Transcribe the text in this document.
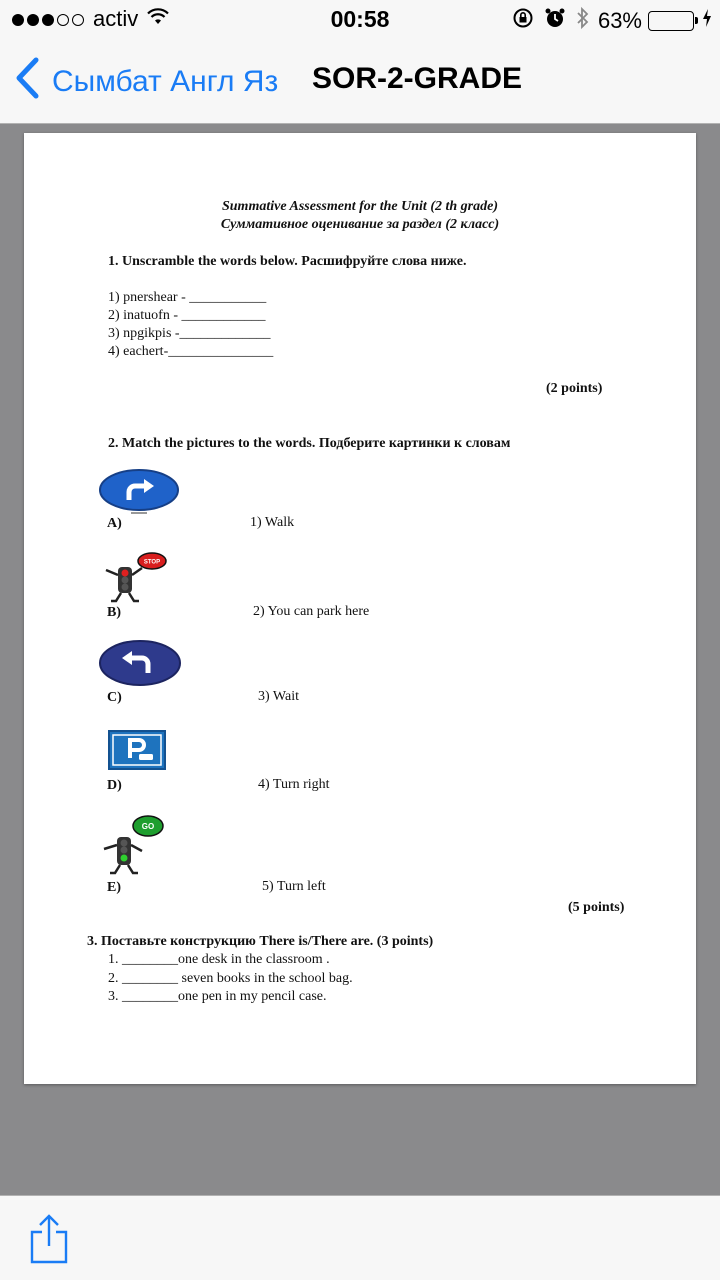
activ	00:58	63%
Сымбат Англ Яз SOR-2-GRADE
Summative Assessment for the Unit (2 th grade)
Суммативное оценивание за раздел (2 класс)
1. Unscramble the words below. Расшифруйте слова ниже.
1) pnershear - ___________
2) inatuofn - ____________
3) npgikpis -_____________
4) eachert-_______________
(2 points)
2. Match the pictures to the words. Подберите картинки к словам
A)	1) Walk
STOP
B)	2) You can park here
C)	3) Wait
D)	4) Turn right
GO
E)	5) Turn left
(5 points)
3. Поставьте конструкцию There is/There are. (3 points)
1. ________one desk in the classroom .
2. ________ seven books in the school bag.
3. ________one pen in my pencil case.
